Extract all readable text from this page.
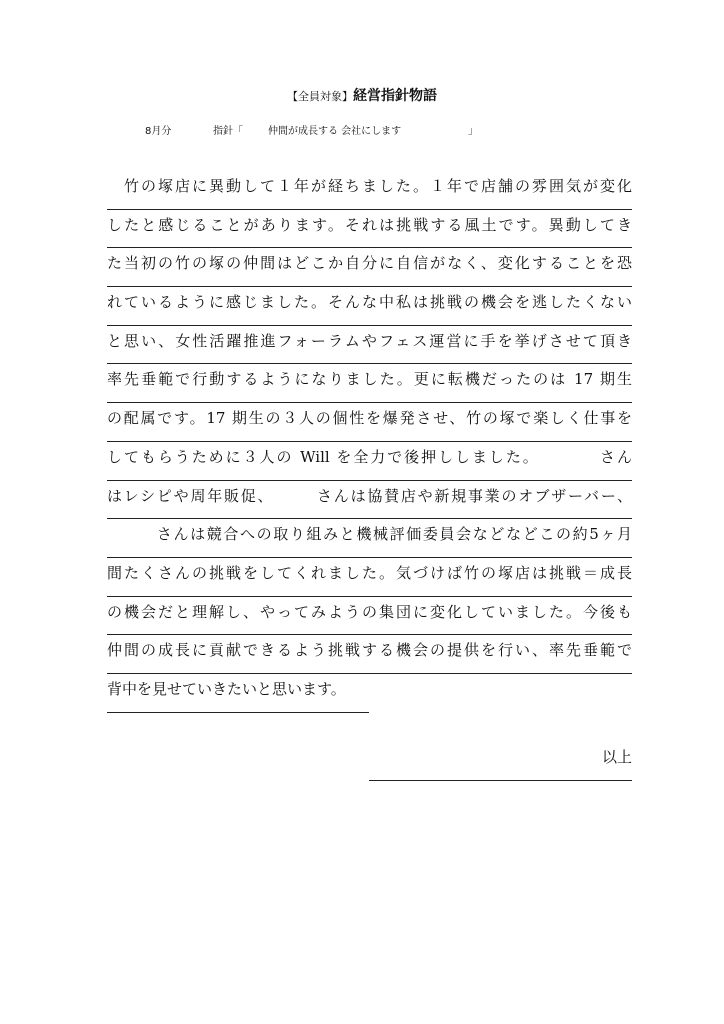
【全員対象】経営指針物語
8月分	指針「	仲間が成長する 会社にします	」
　竹の塚店に異動して１年が経ちました。１年で店舗の雰囲気が変化
したと感じることがあります。それは挑戦する風土です。異動してき
た当初の竹の塚の仲間はどこか自分に自信がなく、変化することを恐
れているように感じました。そんな中私は挑戦の機会を逃したくない
と思い、女性活躍推進フォーラムやフェス運営に手を挙げさせて頂き
率先垂範で行動するようになりました。更に転機だったのは 17 期生
の配属です。17 期生の３人の個性を爆発させ、竹の塚で楽しく仕事を
してもらうために３人の Will を全力で後押ししました。　　　　さん
はレシピや周年販促、　　　さんは協賛店や新規事業のオブザーバー、
　　　さんは競合への取り組みと機械評価委員会などなどこの約5ヶ月
間たくさんの挑戦をしてくれました。気づけば竹の塚店は挑戦＝成長
の機会だと理解し、やってみようの集団に変化していました。今後も
仲間の成長に貢献できるよう挑戦する機会の提供を行い、率先垂範で
背中を見せていきたいと思います。
以上
